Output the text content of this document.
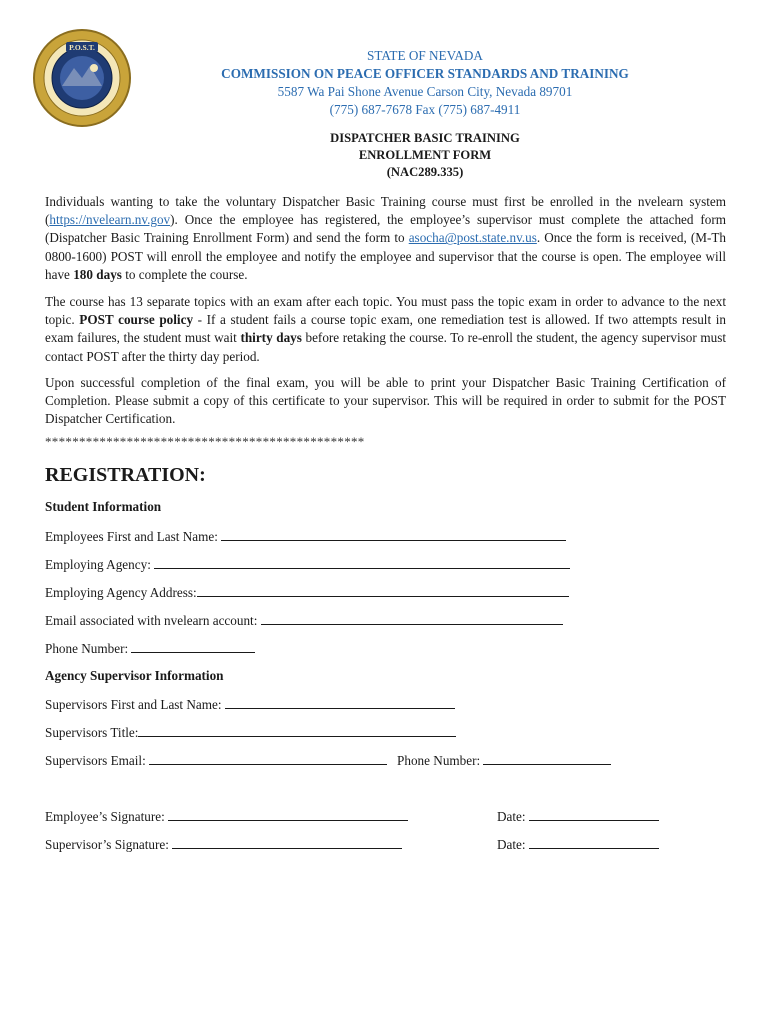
P.O.S.T.
STATE OF NEVADA
COMMISSION ON PEACE OFFICER STANDARDS AND TRAINING
5587 Wa Pai Shone Avenue Carson City, Nevada 89701
(775) 687-7678 Fax (775) 687-4911
DISPATCHER BASIC TRAINING
ENROLLMENT FORM
(NAC289.335)
Individuals wanting to take the voluntary Dispatcher Basic Training course must first be enrolled in the nvelearn system (https://nvelearn.nv.gov). Once the employee has registered, the employee’s supervisor must complete the attached form (Dispatcher Basic Training Enrollment Form) and send the form to asocha@post.state.nv.us. Once the form is received, (M-Th 0800-1600) POST will enroll the employee and notify the employee and supervisor that the course is open. The employee will have 180 days to complete the course.
The course has 13 separate topics with an exam after each topic. You must pass the topic exam in order to advance to the next topic. POST course policy - If a student fails a course topic exam, one remediation test is allowed. If two attempts result in exam failures, the student must wait thirty days before retaking the course. To re-enroll the student, the agency supervisor must contact POST after the thirty day period.
Upon successful completion of the final exam, you will be able to print your Dispatcher Basic Training Certification of Completion. Please submit a copy of this certificate to your supervisor. This will be required in order to submit for the POST Dispatcher Certification.
***********************************************
REGISTRATION:
Student Information
Employees First and Last Name:
Employing Agency:
Employing Agency Address:
Email associated with nvelearn account:
Phone Number:
Agency Supervisor Information
Supervisors First and Last Name:
Supervisors Title:
Supervisors Email:	Phone Number:
Employee’s Signature:	Date:
Supervisor’s Signature:	Date:
